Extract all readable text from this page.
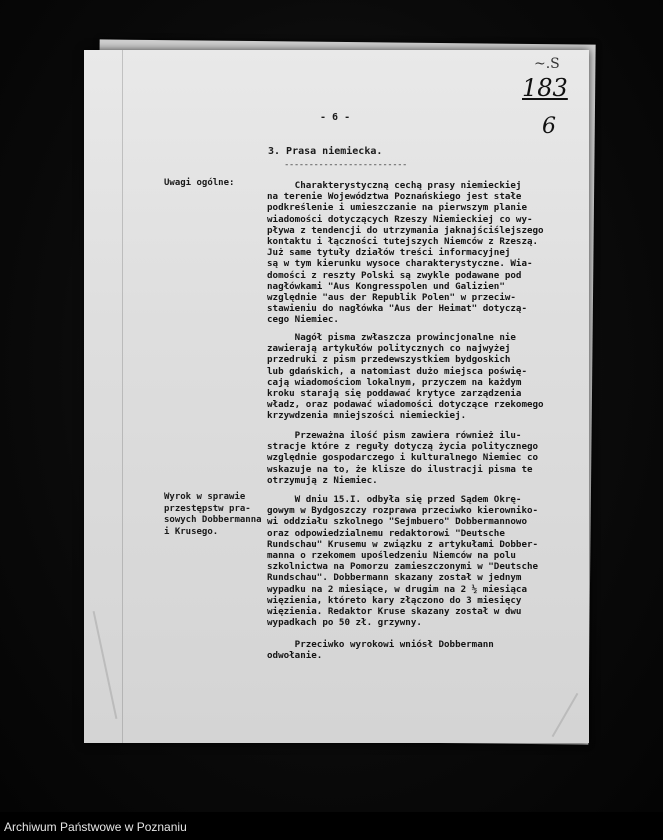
~.S
183
6
- 6 -
3. Prasa niemiecka.
-------------------------
Uwagi ogólne:
Wyrok w sprawie
przestępstw pra-
sowych Dobbermanna
i Krusego.
Charakterystyczną cechą prasy niemieckiej
na terenie Województwa Poznańskiego jest stałe
podkreślenie i umieszczanie na pierwszym planie
wiadomości dotyczących Rzeszy Niemieckiej co wy-
pływa z tendencji do utrzymania jaknajściślejszego
kontaktu i łączności tutejszych Niemców z Rzeszą.
Już same tytuły działów treści informacyjnej
są w tym kierunku wysoce charakterystyczne. Wia-
domości z reszty Polski są zwykle podawane pod
nagłówkami "Aus Kongresspolen und Galizien"
względnie "aus der Republik Polen" w przeciw-
stawieniu do nagłówka "Aus der Heimat" dotyczą-
cego Niemiec.
Nagół pisma zwłaszcza prowincjonalne nie
zawierają artykułów politycznych co najwyżej
przedruki z pism przedewszystkiem bydgoskich
lub gdańskich, a natomiast dużo miejsca poświę-
cają wiadomościom lokalnym, przyczem na każdym
kroku starają się poddawać krytyce zarządzenia
władz, oraz podawać wiadomości dotyczące rzekomego
krzywdzenia mniejszości niemieckiej.
Przeważna ilość pism zawiera również ilu-
stracje które z reguły dotyczą życia politycznego
względnie gospodarczego i kulturalnego Niemiec co
wskazuje na to, że klisze do ilustracji pisma te
otrzymują z Niemiec.
W dniu 15.I. odbyła się przed Sądem Okrę-
gowym w Bydgoszczy rozprawa przeciwko kierowniko-
wi oddziału szkolnego "Sejmbuero" Dobbermannowo
oraz odpowiedzialnemu redaktorowi "Deutsche
Rundschau" Krusemu w związku z artykułami Dobber-
manna o rzekomem upośledzeniu Niemców na polu
szkolnictwa na Pomorzu zamieszczonymi w "Deutsche
Rundschau". Dobbermann skazany został w jednym
wypadku na 2 miesiące, w drugim na 2 ½ miesiąca
więzienia, któreto kary złączono do 3 miesięcy
więzienia. Redaktor Kruse skazany został w dwu
wypadkach po 50 zł. grzywny.
Przeciwko wyrokowi wniósł Dobbermann
odwołanie.
Archiwum Państwowe w Poznaniu
